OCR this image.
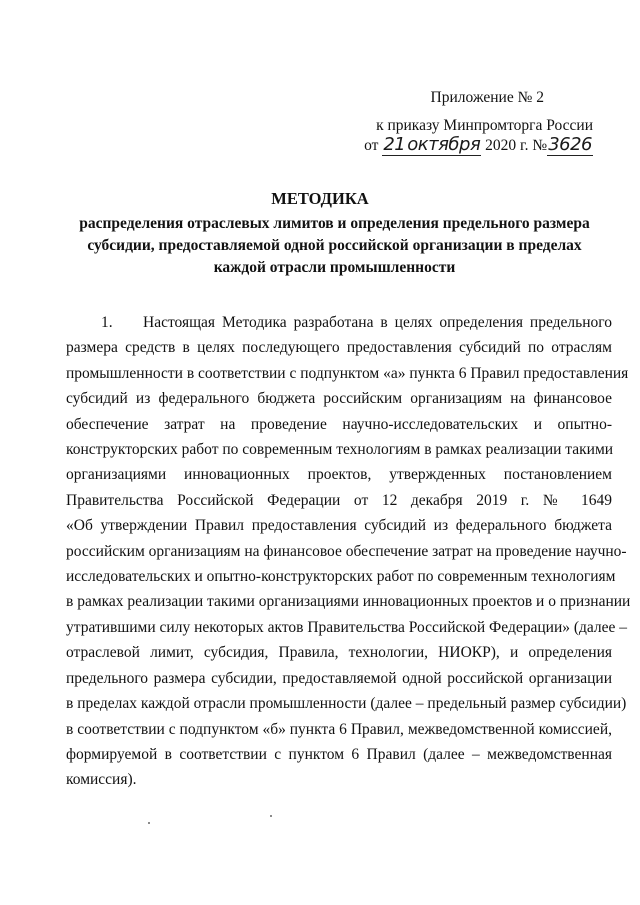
Приложение № 2
к приказу Минпромторга России
от 21 октября 2020 г. №3626
МЕТОДИКА
распределения отраслевых лимитов и определения предельного размера субсидии, предоставляемой одной российской организации в пределах каждой отрасли промышленности
1. Настоящая Методика разработана в целях определения предельного
размера средств в целях последующего предоставления субсидий по отраслям
промышленности в соответствии с подпунктом «а» пункта 6 Правил предоставления
субсидий из федерального бюджета российским организациям на финансовое
обеспечение затрат на проведение научно-исследовательских и опытно-
конструкторских работ по современным технологиям в рамках реализации такими
организациями инновационных проектов, утвержденных постановлением
Правительства Российской Федерации от 12 декабря 2019 г. № 1649
«Об утверждении Правил предоставления субсидий из федерального бюджета
российским организациям на финансовое обеспечение затрат на проведение научно-
исследовательских и опытно-конструкторских работ по современным технологиям
в рамках реализации такими организациями инновационных проектов и о признании
утратившими силу некоторых актов Правительства Российской Федерации» (далее –
отраслевой лимит, субсидия, Правила, технологии, НИОКР), и определения
предельного размера субсидии, предоставляемой одной российской организации
в пределах каждой отрасли промышленности (далее – предельный размер субсидии)
в соответствии с подпунктом «б» пункта 6 Правил, межведомственной комиссией,
формируемой в соответствии с пунктом 6 Правил (далее – межведомственная
комиссия).
